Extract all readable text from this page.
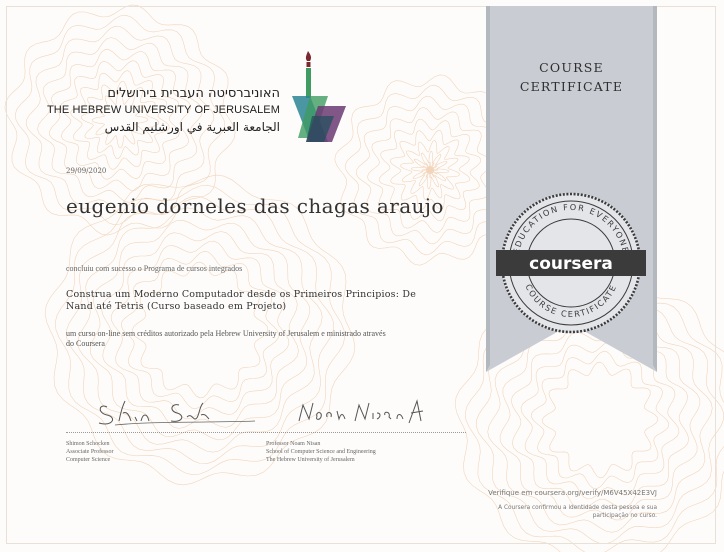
האוניברסיטה העברית בירושלים
THE HEBREW UNIVERSITY OF JERUSALEM
الجامعة العبرية في اورشليم القدس
29/09/2020
eugenio dorneles das chagas araujo
concluiu com sucesso o Programa de cursos integrados
Construa um Moderno Computador desde os Primeiros Principios: De Nand até Tetris (Curso baseado em Projeto)
um curso on-line sem créditos autorizado pela Hebrew University of Jerusalem e ministrado através do Coursera
Shimon Schocken
Associate Professor
Computer Science
Professor Noam Nisan
School of Computer Science and Engineering
The Hebrew University of Jerusalem
COURSE
CERTIFICATE
EDUCATION FOR EVERYONE
COURSE CERTIFICATE
coursera
Verifique em coursera.org/verify/M6V45X42E3VJ
A Coursera confirmou a identidade desta pessoa e sua
participação no curso.
